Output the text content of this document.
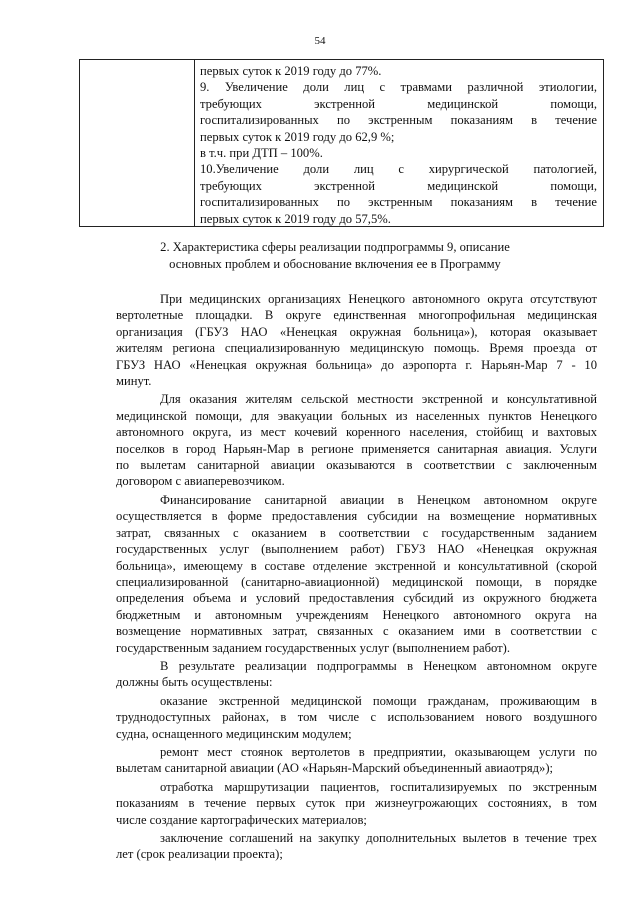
54
первых суток к 2019 году до 77%.
9. Увеличение доли лиц с травмами различной этиологии,
требующих экстренной медицинской помощи,
госпитализированных по экстренным показаниям в течение
первых суток к 2019 году до 62,9 %;
в т.ч. при ДТП – 100%.
10.Увеличение доли лиц с хирургической патологией,
требующих экстренной медицинской помощи,
госпитализированных по экстренным показаниям в течение
первых суток к 2019 году до 57,5%.

2. Характеристика сферы реализации подпрограммы 9, описание

основных проблем и обоснование включения ее в Программу

При медицинских организациях Ненецкого автономного округа отсутствуют
вертолетные площадки. В округе единственная многопрофильная медицинская
организация (ГБУЗ НАО «Ненецкая окружная больница»), которая оказывает
жителям региона специализированную медицинскую помощь. Время проезда от
ГБУЗ НАО «Ненецкая окружная больница» до аэропорта г. Нарьян-Мар 7 - 10
минут.
Для оказания жителям сельской местности экстренной и консультативной
медицинской помощи, для эвакуации больных из населенных пунктов Ненецкого
автономного округа, из мест кочевий коренного населения, стойбищ и вахтовых
поселков в город Нарьян-Мар в регионе применяется санитарная авиация. Услуги
по вылетам санитарной авиации оказываются в соответствии с заключенным
договором с авиаперевозчиком.
Финансирование санитарной авиации в Ненецком автономном округе
осуществляется в форме предоставления субсидии на возмещение нормативных
затрат, связанных с оказанием в соответствии с государственным заданием
государственных услуг (выполнением работ) ГБУЗ НАО «Ненецкая окружная
больница», имеющему в составе отделение экстренной и консультативной (скорой
специализированной (санитарно-авиационной) медицинской помощи, в порядке
определения объема и условий предоставления субсидий из окружного бюджета
бюджетным и автономным учреждениям Ненецкого автономного округа на
возмещение нормативных затрат, связанных с оказанием ими в соответствии с
государственным заданием государственных услуг (выполнением работ).
В результате реализации подпрограммы в Ненецком автономном округе
должны быть осуществлены:
оказание экстренной медицинской помощи гражданам, проживающим в
труднодоступных районах, в том числе с использованием нового воздушного
судна, оснащенного медицинским модулем;
ремонт мест стоянок вертолетов в предприятии, оказывающем услуги по
вылетам санитарной авиации (АО «Нарьян-Марский объединенный авиаотряд»);
отработка маршрутизации пациентов, госпитализируемых по экстренным
показаниям в течение первых суток при жизнеугрожающих состояниях, в том
числе создание картографических материалов;
заключение соглашений на закупку дополнительных вылетов в течение трех
лет (срок реализации проекта);
